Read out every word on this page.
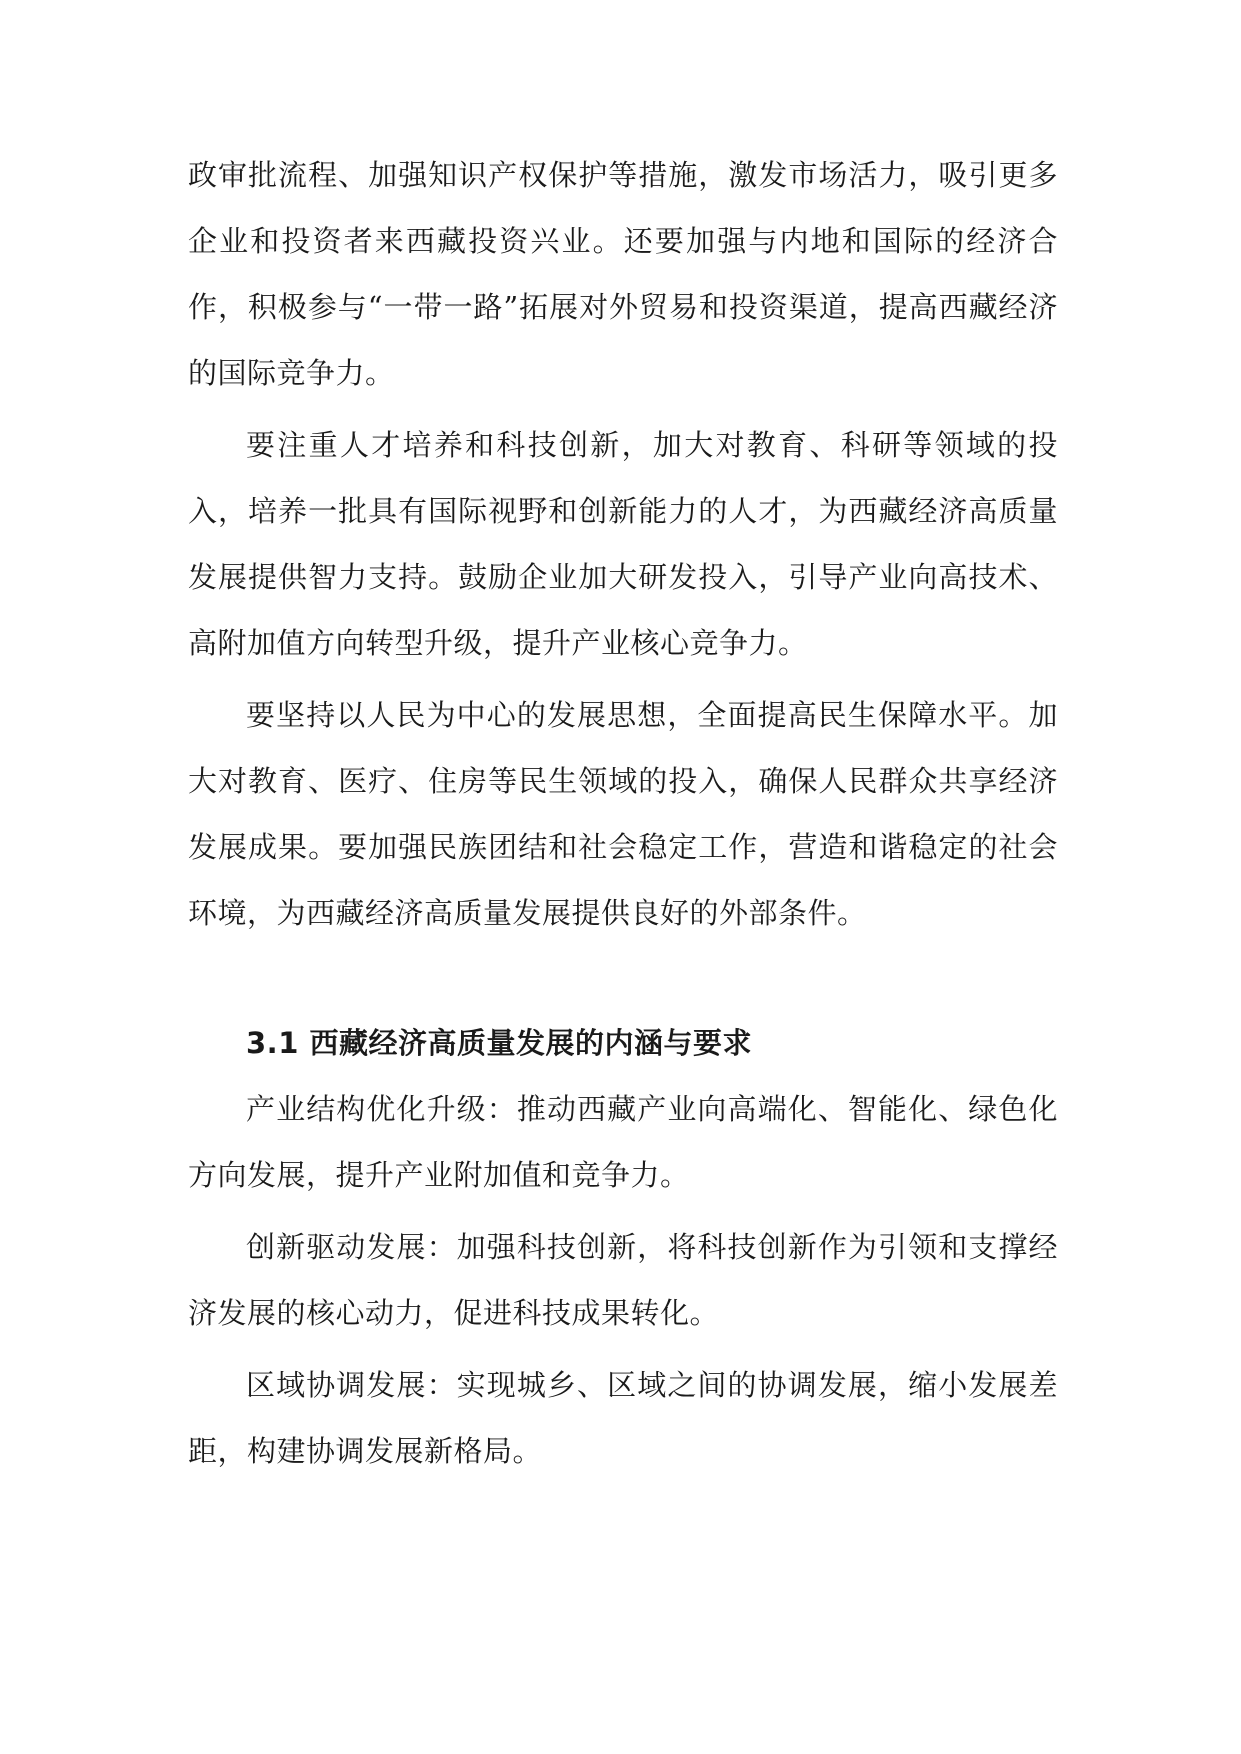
政审批流程、加强知识产权保护等措施，激发市场活力，吸引更多企业和投资者来西藏投资兴业。还要加强与内地和国际的经济合作，积极参与“一带一路”拓展对外贸易和投资渠道，提高西藏经济的国际竞争力。

要注重人才培养和科技创新，加大对教育、科研等领域的投入，培养一批具有国际视野和创新能力的人才，为西藏经济高质量发展提供智力支持。鼓励企业加大研发投入，引导产业向高技术、高附加值方向转型升级，提升产业核心竞争力。

要坚持以人民为中心的发展思想，全面提高民生保障水平。加大对教育、医疗、住房等民生领域的投入，确保人民群众共享经济发展成果。要加强民族团结和社会稳定工作，营造和谐稳定的社会环境，为西藏经济高质量发展提供良好的外部条件。

3.1 西藏经济高质量发展的内涵与要求

产业结构优化升级：推动西藏产业向高端化、智能化、绿色化方向发展，提升产业附加值和竞争力。

创新驱动发展：加强科技创新，将科技创新作为引领和支撑经济发展的核心动力，促进科技成果转化。

区域协调发展：实现城乡、区域之间的协调发展，缩小发展差距，构建协调发展新格局。
